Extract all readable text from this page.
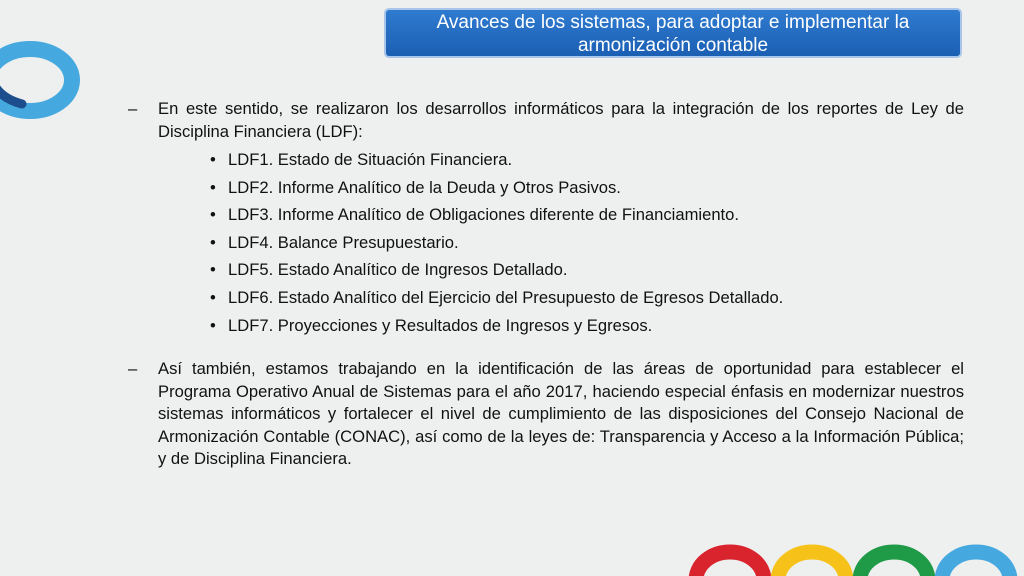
Avances de los sistemas, para adoptar e implementar la
armonización contable
– En este sentido, se realizaron los desarrollos informáticos para la integración de los reportes de Ley de Disciplina Financiera (LDF):
• LDF1. Estado de Situación Financiera.
• LDF2. Informe Analítico de la Deuda y Otros Pasivos.
• LDF3. Informe Analítico de Obligaciones diferente de Financiamiento.
• LDF4. Balance Presupuestario.
• LDF5. Estado Analítico de Ingresos Detallado.
• LDF6. Estado Analítico del Ejercicio del Presupuesto de Egresos Detallado.
• LDF7. Proyecciones y Resultados de Ingresos y Egresos.
– Así también, estamos trabajando en la identificación de las áreas de oportunidad para establecer el Programa Operativo Anual de Sistemas para el año 2017, haciendo especial énfasis en modernizar nuestros sistemas informáticos y fortalecer el nivel de cumplimiento de las disposiciones del Consejo Nacional de Armonización Contable (CONAC), así como de la leyes de: Transparencia y Acceso a la Información Pública; y de Disciplina Financiera.
